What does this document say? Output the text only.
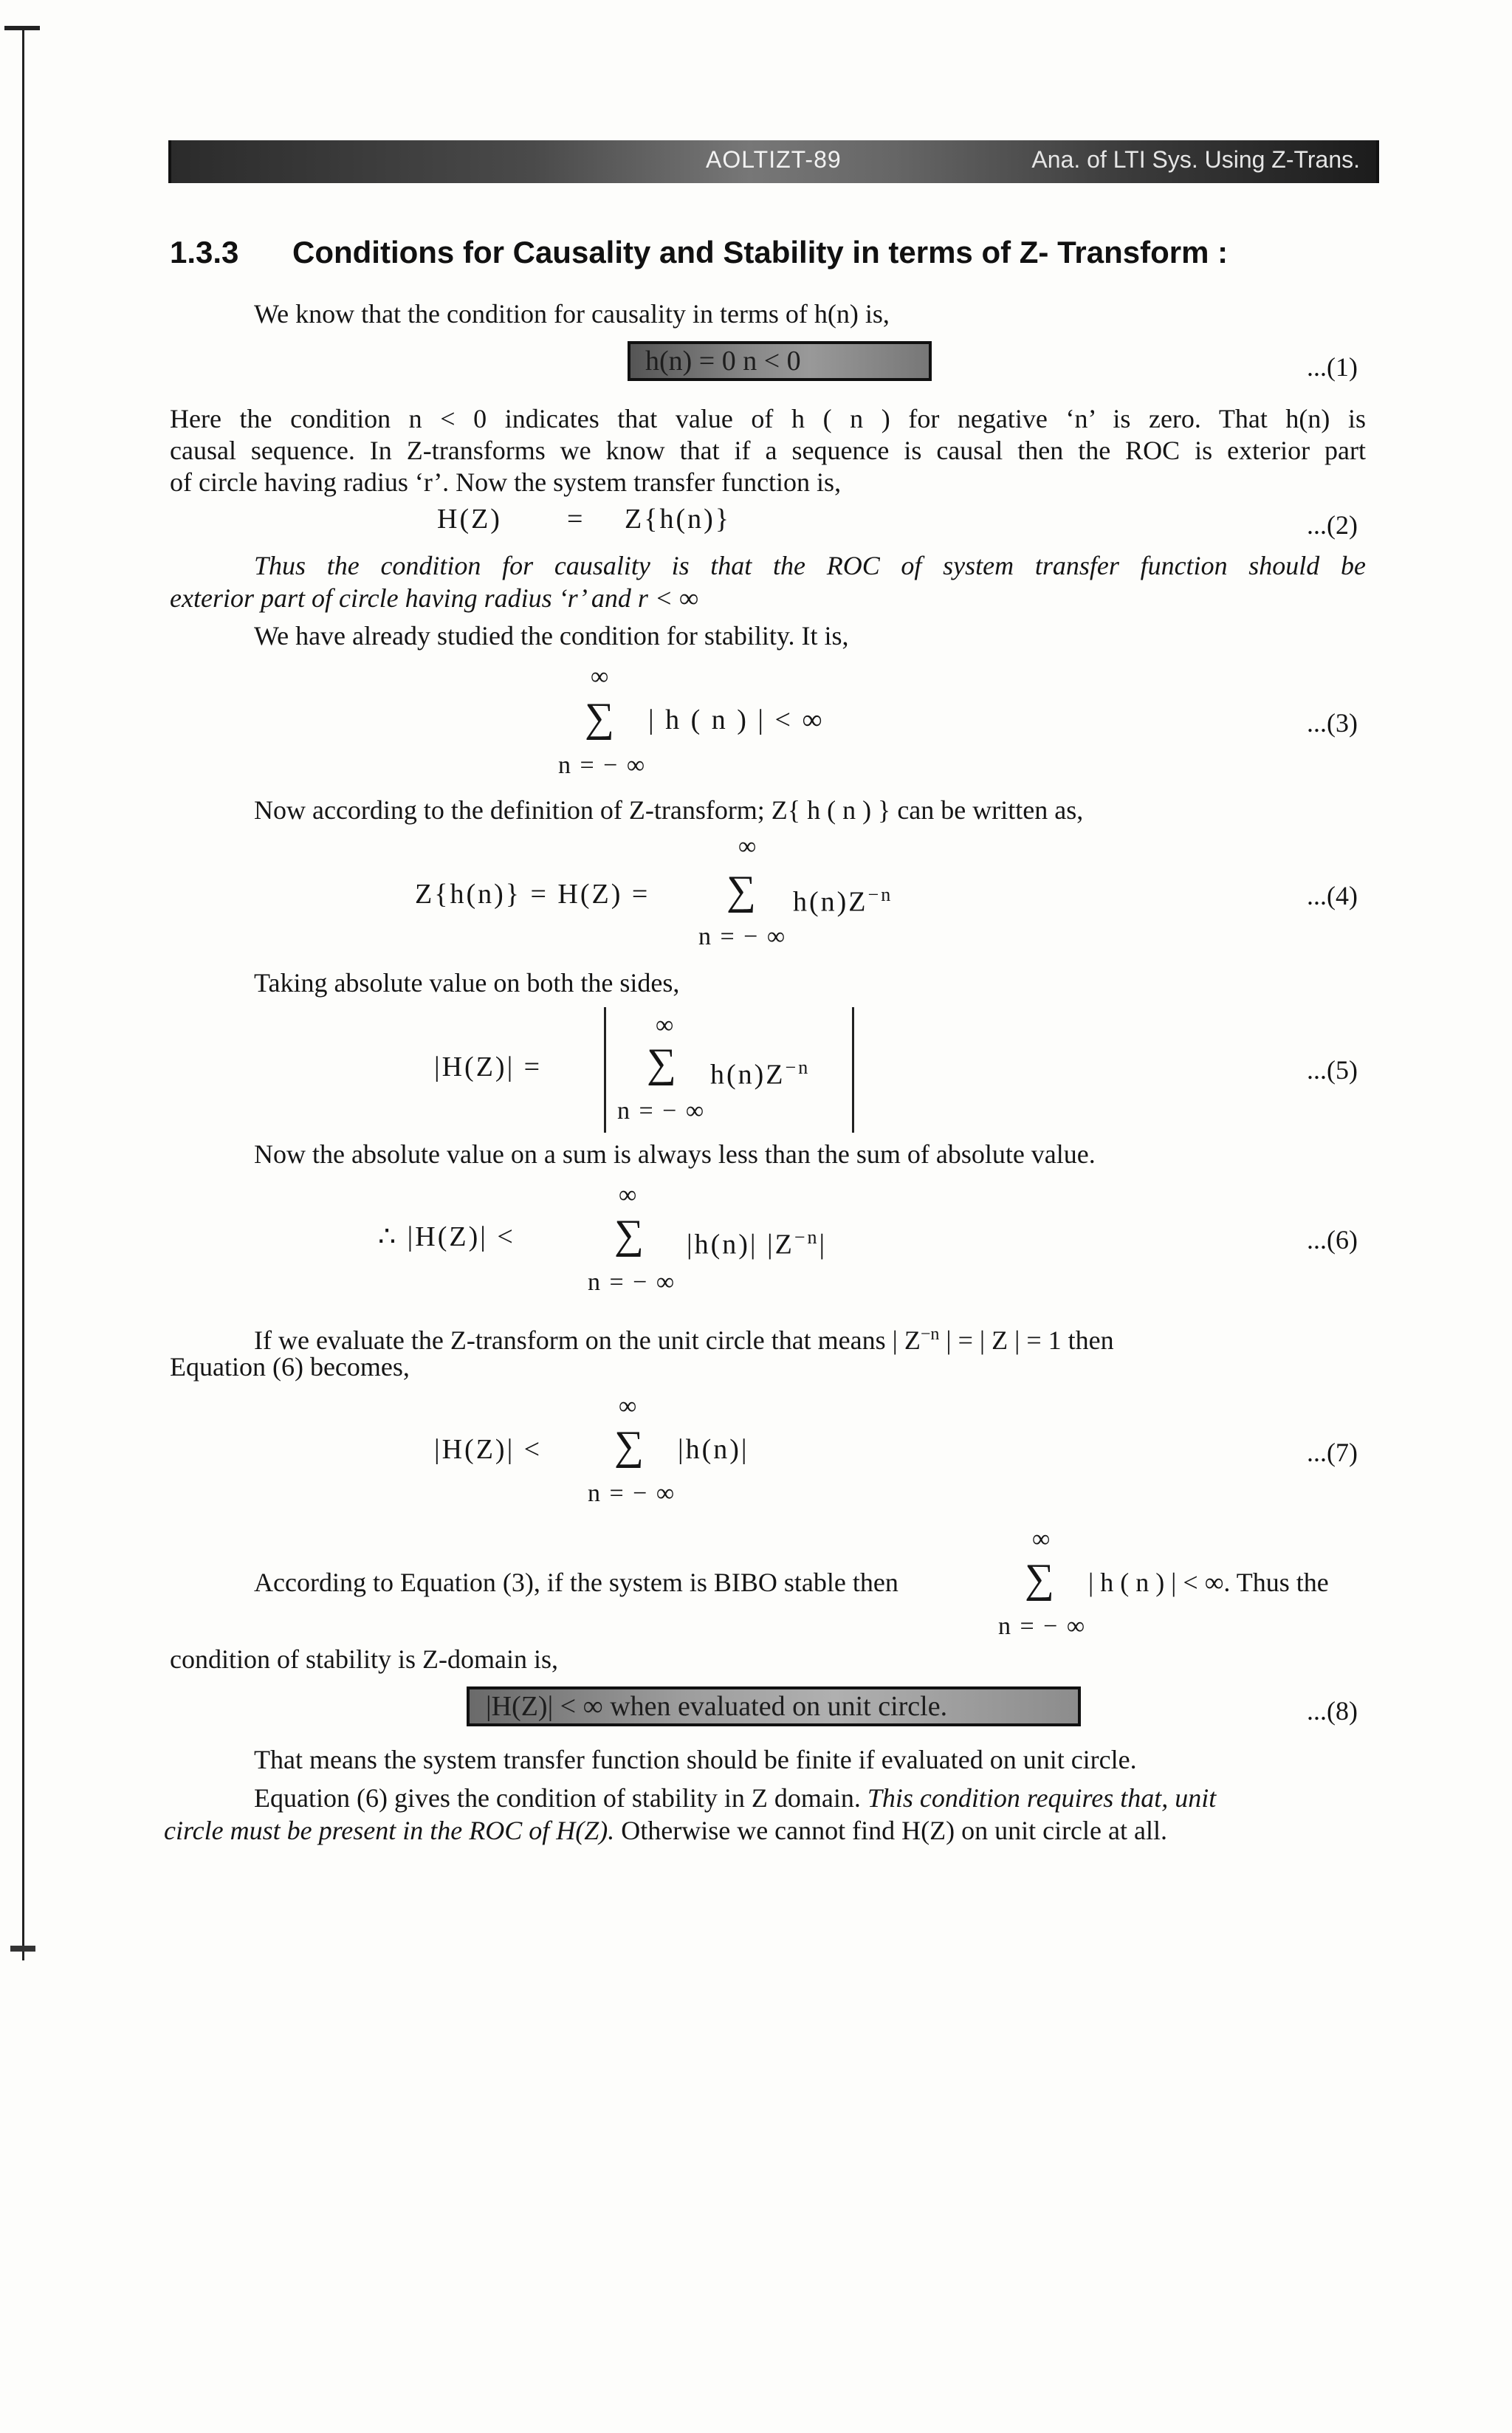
AOLTIZT-89	Ana. of LTI Sys. Using Z-Trans.
1.3.3 Conditions for Causality and Stability in terms of Z- Transform :
We know that the condition for causality in terms of h(n) is,
h(n) = 0 n < 0	...(1)
Here the condition n < 0 indicates that value of h ( n ) for negative ‘n’ is zero. That h(n) is
causal sequence. In Z-transforms we know that if a sequence is causal then the ROC is exterior part
of circle having radius ‘r’. Now the system transfer function is,
H(Z) = Z{h(n)}	...(2)
Thus the condition for causality is that the ROC of system transfer function should be
exterior part of circle having radius ‘r’ and r < ∞
We have already studied the condition for stability. It is,
∞
∑ | h ( n ) | < ∞
n = − ∞
...(3)
Now according to the definition of Z-transform; Z{ h ( n ) } can be written as,
∞
Z{h(n)} = H(Z) = ∑ $h(n)Z^{-n}$
n = − ∞
...(4)
Taking absolute value on both the sides,
|H(Z)| =
∞
∑ $h(n)Z^{-n}$
n = − ∞
...(5)
Now the absolute value on a sum is always less than the sum of absolute value.
∞
∴ |H(Z)| < ∑ |h(n)| $|Z^{-n}|$
n = − ∞
...(6)
If we evaluate the Z-transform on the unit circle that means | $Z^{-n}$ | = | Z | = 1 then
Equation (6) becomes,
∞
|H(Z)| < ∑ |h(n)|
n = − ∞
...(7)
∞
According to Equation (3), if the system is BIBO stable then	∑ | h ( n ) | < ∞. Thus the
n = − ∞
condition of stability is Z-domain is,
|H(Z)| < ∞ when evaluated on unit circle.	...(8)
That means the system transfer function should be finite if evaluated on unit circle.
Equation (6) gives the condition of stability in Z domain. This condition requires that, unit
circle must be present in the ROC of H(Z). Otherwise we cannot find H(Z) on unit circle at all.
